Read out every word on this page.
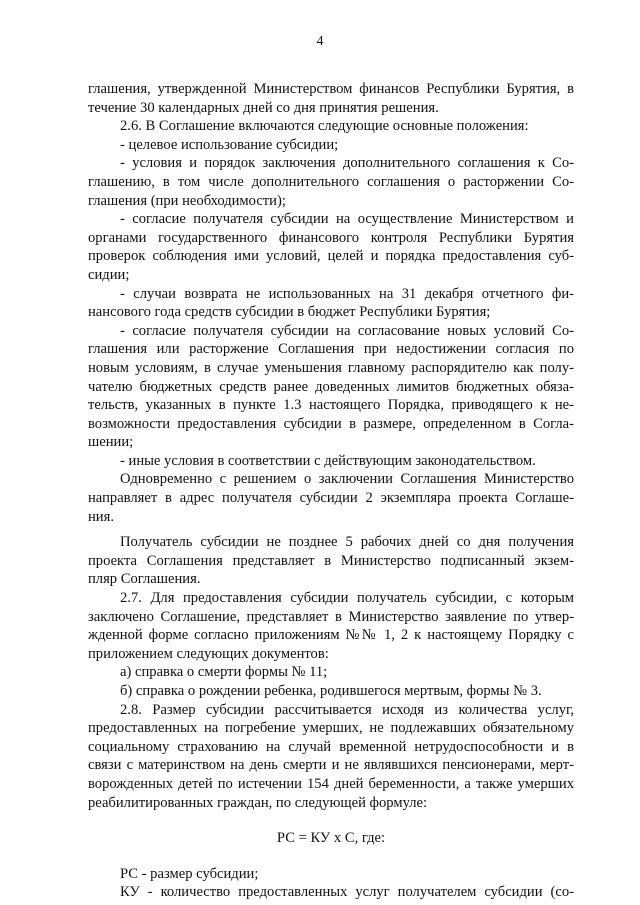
4
глашения, утвержденной Министерством финансов Республики Бурятия, в
течение 30 календарных дней со дня принятия решения.
2.6. В Соглашение включаются следующие основные положения:
- целевое использование субсидии;
- условия и порядок заключения дополнительного соглашения к Со-
глашению, в том числе дополнительного соглашения о расторжении Со-
глашения (при необходимости);
- согласие получателя субсидии на осуществление Министерством и
органами государственного финансового контроля Республики Бурятия
проверок соблюдения ими условий, целей и порядка предоставления суб-
сидии;
- случаи возврата не использованных на 31 декабря отчетного фи-
нансового года средств субсидии в бюджет Республики Бурятия;
- согласие получателя субсидии на согласование новых условий Со-
глашения или расторжение Соглашения при недостижении согласия по
новым условиям, в случае уменьшения главному распорядителю как полу-
чателю бюджетных средств ранее доведенных лимитов бюджетных обяза-
тельств, указанных в пункте 1.3 настоящего Порядка, приводящего к не-
возможности предоставления субсидии в размере, определенном в Согла-
шении;
- иные условия в соответствии с действующим законодательством.
Одновременно с решением о заключении Соглашения Министерство
направляет в адрес получателя субсидии 2 экземпляра проекта Соглаше-
ния.
Получатель субсидии не позднее 5 рабочих дней со дня получения
проекта Соглашения представляет в Министерство подписанный экзем-
пляр Соглашения.
2.7. Для предоставления субсидии получатель субсидии, с которым
заключено Соглашение, представляет в Министерство заявление по утвер-
жденной форме согласно приложениям №№ 1, 2 к настоящему Порядку с
приложением следующих документов:
а) справка о смерти формы № 11;
б) справка о рождении ребенка, родившегося мертвым, формы № 3.
2.8. Размер субсидии рассчитывается исходя из количества услуг,
предоставленных на погребение умерших, не подлежавших обязательному
социальному страхованию на случай временной нетрудоспособности и в
связи с материнством на день смерти и не являвшихся пенсионерами, мерт-
ворожденных детей по истечении 154 дней беременности, а также умерших
реабилитированных граждан, по следующей формуле:
РС = КУ х С, где:
РС - размер субсидии;
КУ - количество предоставленных услуг получателем субсидии (со-
